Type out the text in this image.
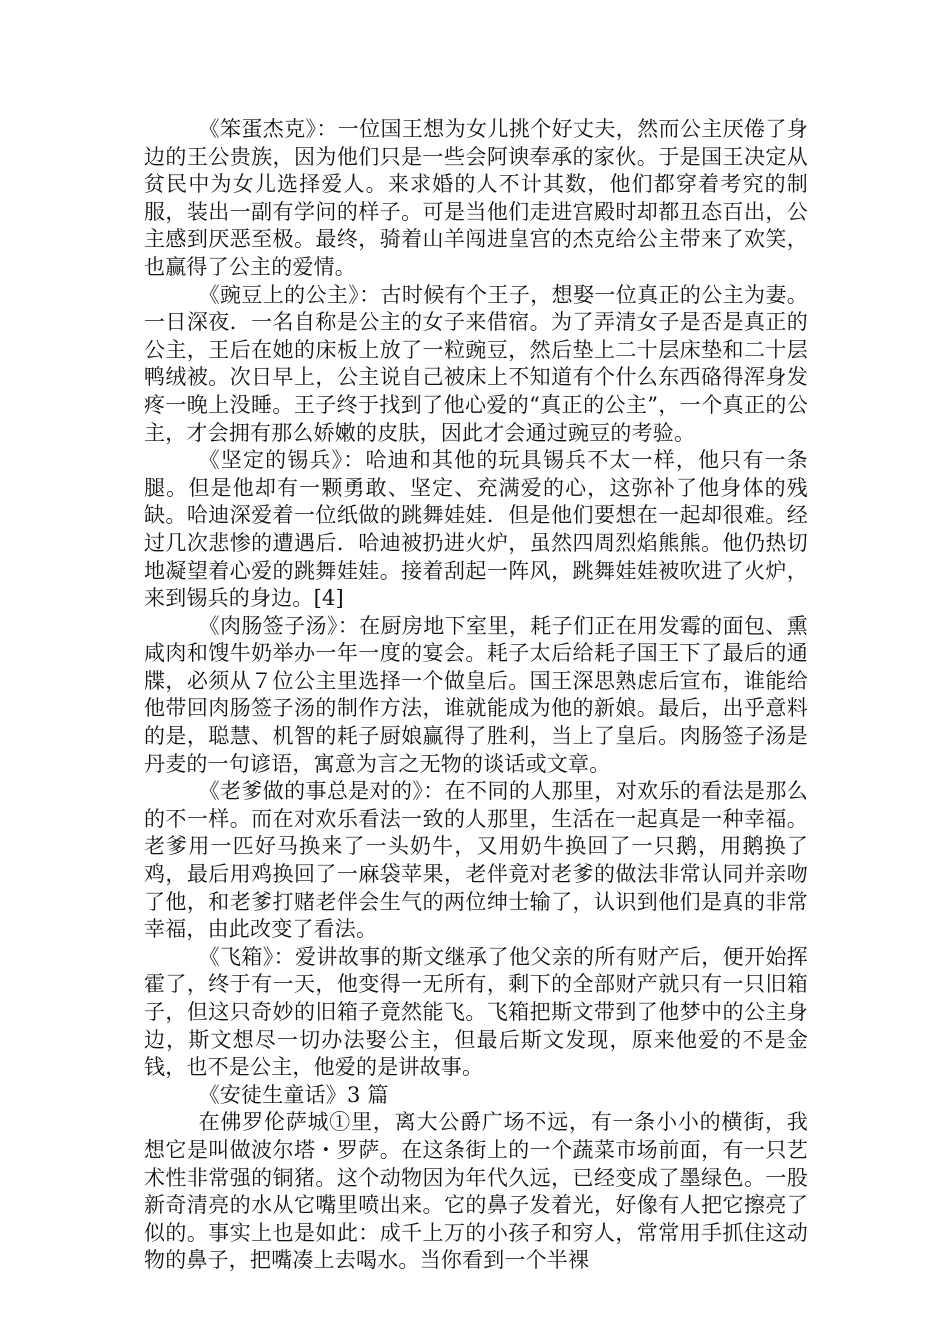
《笨蛋杰克》：一位国王想为女儿挑个好丈夫，然而公主厌倦了身边的王公贵族，因为他们只是一些会阿谀奉承的家伙。于是国王决定从贫民中为女儿选择爱人。来求婚的人不计其数，他们都穿着考究的制服，装出一副有学问的样子。可是当他们走进宫殿时却都丑态百出，公主感到厌恶至极。最终，骑着山羊闯进皇宫的杰克给公主带来了欢笑，也赢得了公主的爱情。

《豌豆上的公主》：古时候有个王子，想娶一位真正的公主为妻。一日深夜．一名自称是公主的女子来借宿。为了弄清女子是否是真正的公主，王后在她的床板上放了一粒豌豆，然后垫上二十层床垫和二十层鸭绒被。次日早上，公主说自己被床上不知道有个什么东西硌得浑身发疼一晚上没睡。王子终于找到了他心爱的“真正的公主”，一个真正的公主，才会拥有那么娇嫩的皮肤，因此才会通过豌豆的考验。

《坚定的锡兵》：哈迪和其他的玩具锡兵不太一样，他只有一条腿。但是他却有一颗勇敢、坚定、充满爱的心，这弥补了他身体的残缺。哈迪深爱着一位纸做的跳舞娃娃．但是他们要想在一起却很难。经过几次悲惨的遭遇后．哈迪被扔进火炉，虽然四周烈焰熊熊。他仍热切地凝望着心爱的跳舞娃娃。接着刮起一阵风，跳舞娃娃被吹进了火炉，来到锡兵的身边。[4]

《肉肠签子汤》：在厨房地下室里，耗子们正在用发霉的面包、熏咸肉和馊牛奶举办一年一度的宴会。耗子太后给耗子国王下了最后的通牒，必须从７位公主里选择一个做皇后。国王深思熟虑后宣布，谁能给他带回肉肠签子汤的制作方法，谁就能成为他的新娘。最后，出乎意料的是，聪慧、机智的耗子厨娘赢得了胜利，当上了皇后。肉肠签子汤是丹麦的一句谚语，寓意为言之无物的谈话或文章。

《老爹做的事总是对的》：在不同的人那里，对欢乐的看法是那么的不一样。而在对欢乐看法一致的人那里，生活在一起真是一种幸福。老爹用一匹好马换来了一头奶牛，又用奶牛换回了一只鹅，用鹅换了鸡，最后用鸡换回了一麻袋苹果，老伴竟对老爹的做法非常认同并亲吻了他，和老爹打赌老伴会生气的两位绅士输了，认识到他们是真的非常幸福，由此改变了看法。

《飞箱》：爱讲故事的斯文继承了他父亲的所有财产后，便开始挥霍了，终于有一天，他变得一无所有，剩下的全部财产就只有一只旧箱子，但这只奇妙的旧箱子竟然能飞。飞箱把斯文带到了他梦中的公主身边，斯文想尽一切办法娶公主，但最后斯文发现，原来他爱的不是金钱，也不是公主，他爱的是讲故事。

《安徒生童话》3 篇

在佛罗伦萨城①里，离大公爵广场不远，有一条小小的横街，我想它是叫做波尔塔・罗萨。在这条街上的一个蔬菜市场前面，有一只艺术性非常强的铜猪。这个动物因为年代久远，已经变成了墨绿色。一股新奇清亮的水从它嘴里喷出来。它的鼻子发着光，好像有人把它擦亮了似的。事实上也是如此：成千上万的小孩子和穷人，常常用手抓住这动物的鼻子，把嘴凑上去喝水。当你看到一个半裸
